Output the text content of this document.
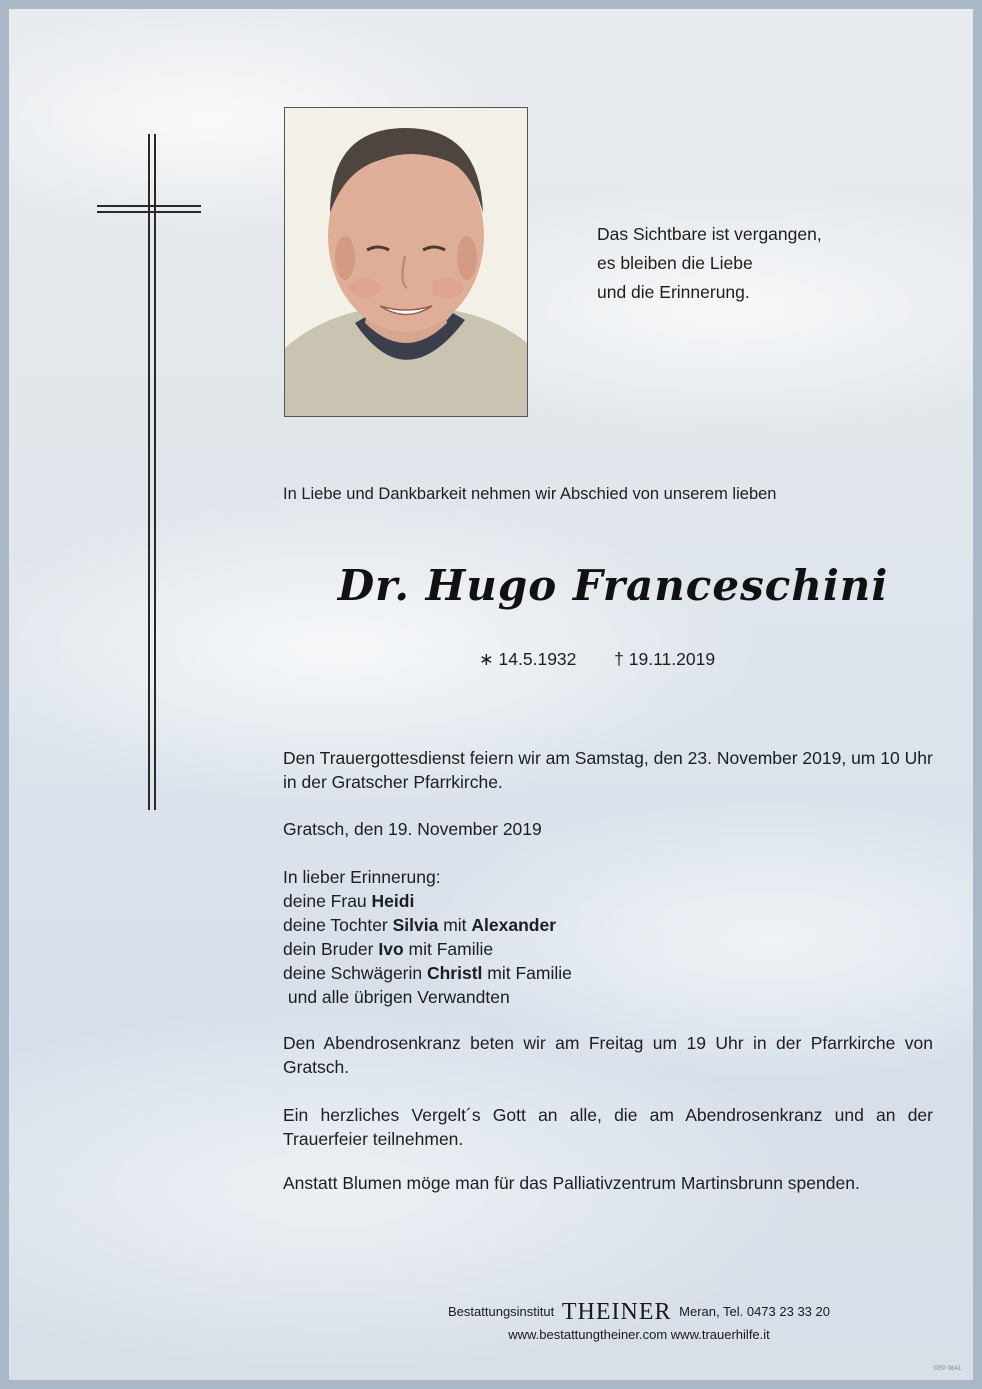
Das Sichtbare ist vergangen,
es bleiben die Liebe
und die Erinnerung.
In Liebe und Dankbarkeit nehmen wir Abschied von unserem lieben
Dr. Hugo Franceschini
∗ 14.5.1932 † 19.11.2019
Den Trauergottesdienst feiern wir am Samstag, den 23. November 2019, um 10 Uhr in der Gratscher Pfarrkirche.
Gratsch, den 19. November 2019
In lieber Erinnerung:
deine Frau Heidi
deine Tochter Silvia mit Alexander
dein Bruder Ivo mit Familie
deine Schwägerin Christl mit Familie
und alle übrigen Verwandten
Den Abendrosenkranz beten wir am Freitag um 19 Uhr in der Pfarrkirche von Gratsch.
Ein herzliches Vergelt´s Gott an alle, die am Abendrosenkranz und an der Trauerfeier teilnehmen.
Anstatt Blumen möge man für das Palliativzentrum Martinsbrunn spenden.
Bestattungsinstitut THEINER Meran, Tel. 0473 23 33 20
www.bestattungtheiner.com www.trauerhilfe.it
©EP 0641
